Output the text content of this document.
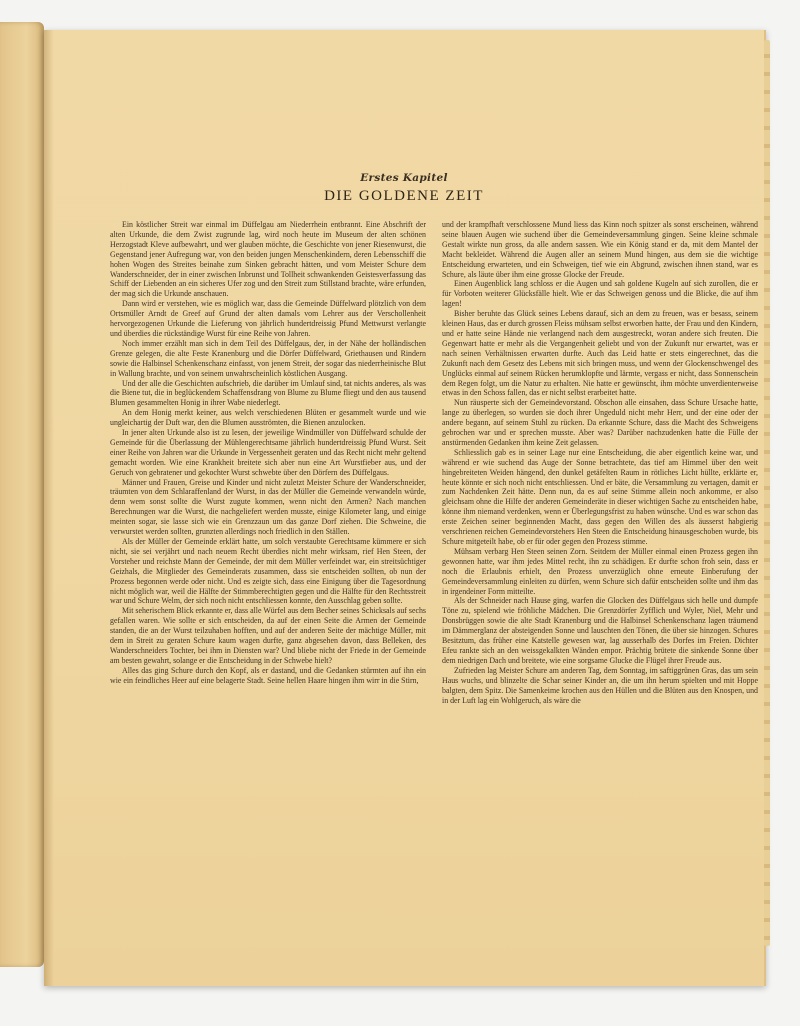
Erstes Kapitel
DIE GOLDENE ZEIT

Ein köstlicher Streit war einmal im Düffelgau am Niederrhein entbrannt. Eine Abschrift der alten Urkunde, die dem Zwist zugrunde lag, wird noch heute im Museum der alten schönen Herzogstadt Kleve aufbewahrt, und wer glauben möchte, die Geschichte von jener Riesenwurst, die Gegenstand jener Aufregung war, von den beiden jungen Menschenkindern, deren Lebensschiff die hohen Wogen des Streites beinahe zum Sinken gebracht hätten, und vom Meister Schure dem Wanderschneider, der in einer zwischen Inbrunst und Tollheit schwankenden Geistesverfassung das Schiff der Liebenden an ein sicheres Ufer zog und den Streit zum Stillstand brachte, wäre erfunden, der mag sich die Urkunde anschauen.

Dann wird er verstehen, wie es möglich war, dass die Gemeinde Düffelward plötzlich von dem Ortsmüller Arndt de Greef auf Grund der alten damals vom Lehrer aus der Verschollenheit hervorgezogenen Urkunde die Lieferung von jährlich hundertdreissig Pfund Mettwurst verlangte und überdies die rückständige Wurst für eine Reihe von Jahren.

Noch immer erzählt man sich in dem Teil des Düffelgaus, der, in der Nähe der holländischen Grenze gelegen, die alte Feste Kranenburg und die Dörfer Düffelward, Griethausen und Rindern sowie die Halbinsel Schenkenschanz einfasst, von jenem Streit, der sogar das niederrheinische Blut in Wallung brachte, und von seinem unwahrscheinlich köstlichen Ausgang.

Und der alle die Geschichten aufschrieb, die darüber im Umlauf sind, tat nichts anderes, als was die Biene tut, die in beglückendem Schaffensdrang von Blume zu Blume fliegt und den aus tausend Blumen gesammelten Honig in ihrer Wabe niederlegt.

An dem Honig merkt keiner, aus welch verschiedenen Blüten er gesammelt wurde und wie ungleichartig der Duft war, den die Blumen ausströmten, die Bienen anzulocken.

In jener alten Urkunde also ist zu lesen, der jeweilige Windmüller von Düffelward schulde der Gemeinde für die Überlassung der Mühlengerechtsame jährlich hundertdreissig Pfund Wurst. Seit einer Reihe von Jahren war die Urkunde in Vergessenheit geraten und das Recht nicht mehr geltend gemacht worden. Wie eine Krankheit breitete sich aber nun eine Art Wurstfieber aus, und der Geruch von gebratener und gekochter Wurst schwebte über den Dörfern des Düffelgaus.

Männer und Frauen, Greise und Kinder und nicht zuletzt Meister Schure der Wanderschneider, träumten von dem Schlaraffenland der Wurst, in das der Müller die Gemeinde verwandeln würde, denn wem sonst sollte die Wurst zugute kommen, wenn nicht den Armen? Nach manchen Berechnungen war die Wurst, die nachgeliefert werden musste, einige Kilometer lang, und einige meinten sogar, sie lasse sich wie ein Grenzzaun um das ganze Dorf ziehen. Die Schweine, die verwurstet werden sollten, grunzten allerdings noch friedlich in den Ställen.

Als der Müller der Gemeinde erklärt hatte, um solch verstaubte Gerechtsame kümmere er sich nicht, sie sei verjährt und nach neuem Recht überdies nicht mehr wirksam, rief Hen Steen, der Vorsteher und reichste Mann der Gemeinde, der mit dem Müller verfeindet war, ein streitsüchtiger Geizhals, die Mitglieder des Gemeinderats zusammen, dass sie entscheiden sollten, ob nun der Prozess begonnen werde oder nicht. Und es zeigte sich, dass eine Einigung über die Tagesordnung nicht möglich war, weil die Hälfte der Stimmberechtigten gegen und die Hälfte für den Rechtsstreit war und Schure Welm, der sich noch nicht entschliessen konnte, den Ausschlag geben sollte.

Mit seherischem Blick erkannte er, dass alle Würfel aus dem Becher seines Schicksals auf sechs gefallen waren. Wie sollte er sich entscheiden, da auf der einen Seite die Armen der Gemeinde standen, die an der Wurst teilzuhaben hofften, und auf der anderen Seite der mächtige Müller, mit dem in Streit zu geraten Schure kaum wagen durfte, ganz abgesehen davon, dass Belleken, des Wanderschneiders Tochter, bei ihm in Diensten war? Und bliebe nicht der Friede in der Gemeinde am besten gewahrt, solange er die Entscheidung in der Schwebe hielt?

Alles das ging Schure durch den Kopf, als er dastand, und die Gedanken stürmten auf ihn ein wie ein feindliches Heer auf eine belagerte Stadt. Seine hellen Haare hingen ihm wirr in die Stirn,

und der krampfhaft verschlossene Mund liess das Kinn noch spitzer als sonst erscheinen, während seine blauen Augen wie suchend über die Gemeindeversammlung gingen. Seine kleine schmale Gestalt wirkte nun gross, da alle andern sassen. Wie ein König stand er da, mit dem Mantel der Macht bekleidet. Während die Augen aller an seinem Mund hingen, aus dem sie die wichtige Entscheidung erwarteten, und ein Schweigen, tief wie ein Abgrund, zwischen ihnen stand, war es Schure, als läute über ihm eine grosse Glocke der Freude.

Einen Augenblick lang schloss er die Augen und sah goldene Kugeln auf sich zurollen, die er für Vorboten weiterer Glücksfälle hielt. Wie er das Schweigen genoss und die Blicke, die auf ihm lagen!

Bisher beruhte das Glück seines Lebens darauf, sich an dem zu freuen, was er besass, seinem kleinen Haus, das er durch grossen Fleiss mühsam selbst erworben hatte, der Frau und den Kindern, und er hatte seine Hände nie verlangend nach dem ausgestreckt, woran andere sich freuten. Die Gegenwart hatte er mehr als die Vergangenheit geliebt und von der Zukunft nur erwartet, was er nach seinen Verhältnissen erwarten durfte. Auch das Leid hatte er stets eingerechnet, das die Zukunft nach dem Gesetz des Lebens mit sich bringen muss, und wenn der Glockenschwengel des Unglücks einmal auf seinem Rücken herumklopfte und lärmte, vergass er nicht, dass Sonnenschein dem Regen folgt, um die Natur zu erhalten. Nie hatte er gewünscht, ihm möchte unverdienterweise etwas in den Schoss fallen, das er nicht selbst erarbeitet hatte.

Nun räusperte sich der Gemeindevorstand. Obschon alle einsahen, dass Schure Ursache hatte, lange zu überlegen, so wurden sie doch ihrer Ungeduld nicht mehr Herr, und der eine oder der andere begann, auf seinem Stuhl zu rücken. Da erkannte Schure, dass die Macht des Schweigens gebrochen war und er sprechen musste. Aber was? Darüber nachzudenken hatte die Fülle der anstürmenden Gedanken ihm keine Zeit gelassen.

Schliesslich gab es in seiner Lage nur eine Entscheidung, die aber eigentlich keine war, und während er wie suchend das Auge der Sonne betrachtete, das tief am Himmel über den weit hingebreiteten Weiden hängend, den dunkel getäfelten Raum in rötliches Licht hüllte, erklärte er, heute könnte er sich noch nicht entschliessen. Und er bäte, die Versammlung zu vertagen, damit er zum Nachdenken Zeit hätte. Denn nun, da es auf seine Stimme allein noch ankomme, er also gleichsam ohne die Hilfe der anderen Gemeinderäte in dieser wichtigen Sache zu entscheiden habe, könne ihm niemand verdenken, wenn er Überlegungsfrist zu haben wünsche. Und es war schon das erste Zeichen seiner beginnenden Macht, dass gegen den Willen des als äusserst habgierig verschrienen reichen Gemeindevorstehers Hen Steen die Entscheidung hinausgeschoben wurde, bis Schure mitgeteilt habe, ob er für oder gegen den Prozess stimme.

Mühsam verbarg Hen Steen seinen Zorn. Seitdem der Müller einmal einen Prozess gegen ihn gewonnen hatte, war ihm jedes Mittel recht, ihn zu schädigen. Er durfte schon froh sein, dass er noch die Erlaubnis erhielt, den Prozess unverzüglich ohne erneute Einberufung der Gemeindeversammlung einleiten zu dürfen, wenn Schure sich dafür entscheiden sollte und ihm das in irgendeiner Form mitteilte.

Als der Schneider nach Hause ging, warfen die Glocken des Düffelgaus sich helle und dumpfe Töne zu, spielend wie fröhliche Mädchen. Die Grenzdörfer Zyfflich und Wyler, Niel, Mehr und Donsbrüggen sowie die alte Stadt Kranenburg und die Halbinsel Schenkenschanz lagen träumend im Dämmerglanz der absteigenden Sonne und lauschten den Tönen, die über sie hinzogen. Schures Besitztum, das früher eine Katstelle gewesen war, lag ausserhalb des Dorfes im Freien. Dichter Efeu rankte sich an den weissgekalkten Wänden empor. Prächtig brütete die sinkende Sonne über dem niedrigen Dach und breitete, wie eine sorgsame Glucke die Flügel ihrer Freude aus.

Zufrieden lag Meister Schure am anderen Tag, dem Sonntag, im saftiggrünen Gras, das um sein Haus wuchs, und blinzelte die Schar seiner Kinder an, die um ihn herum spielten und mit Hoppe balgten, dem Spitz. Die Samenkeime krochen aus den Hüllen und die Blüten aus den Knospen, und in der Luft lag ein Wohlgeruch, als wäre die
